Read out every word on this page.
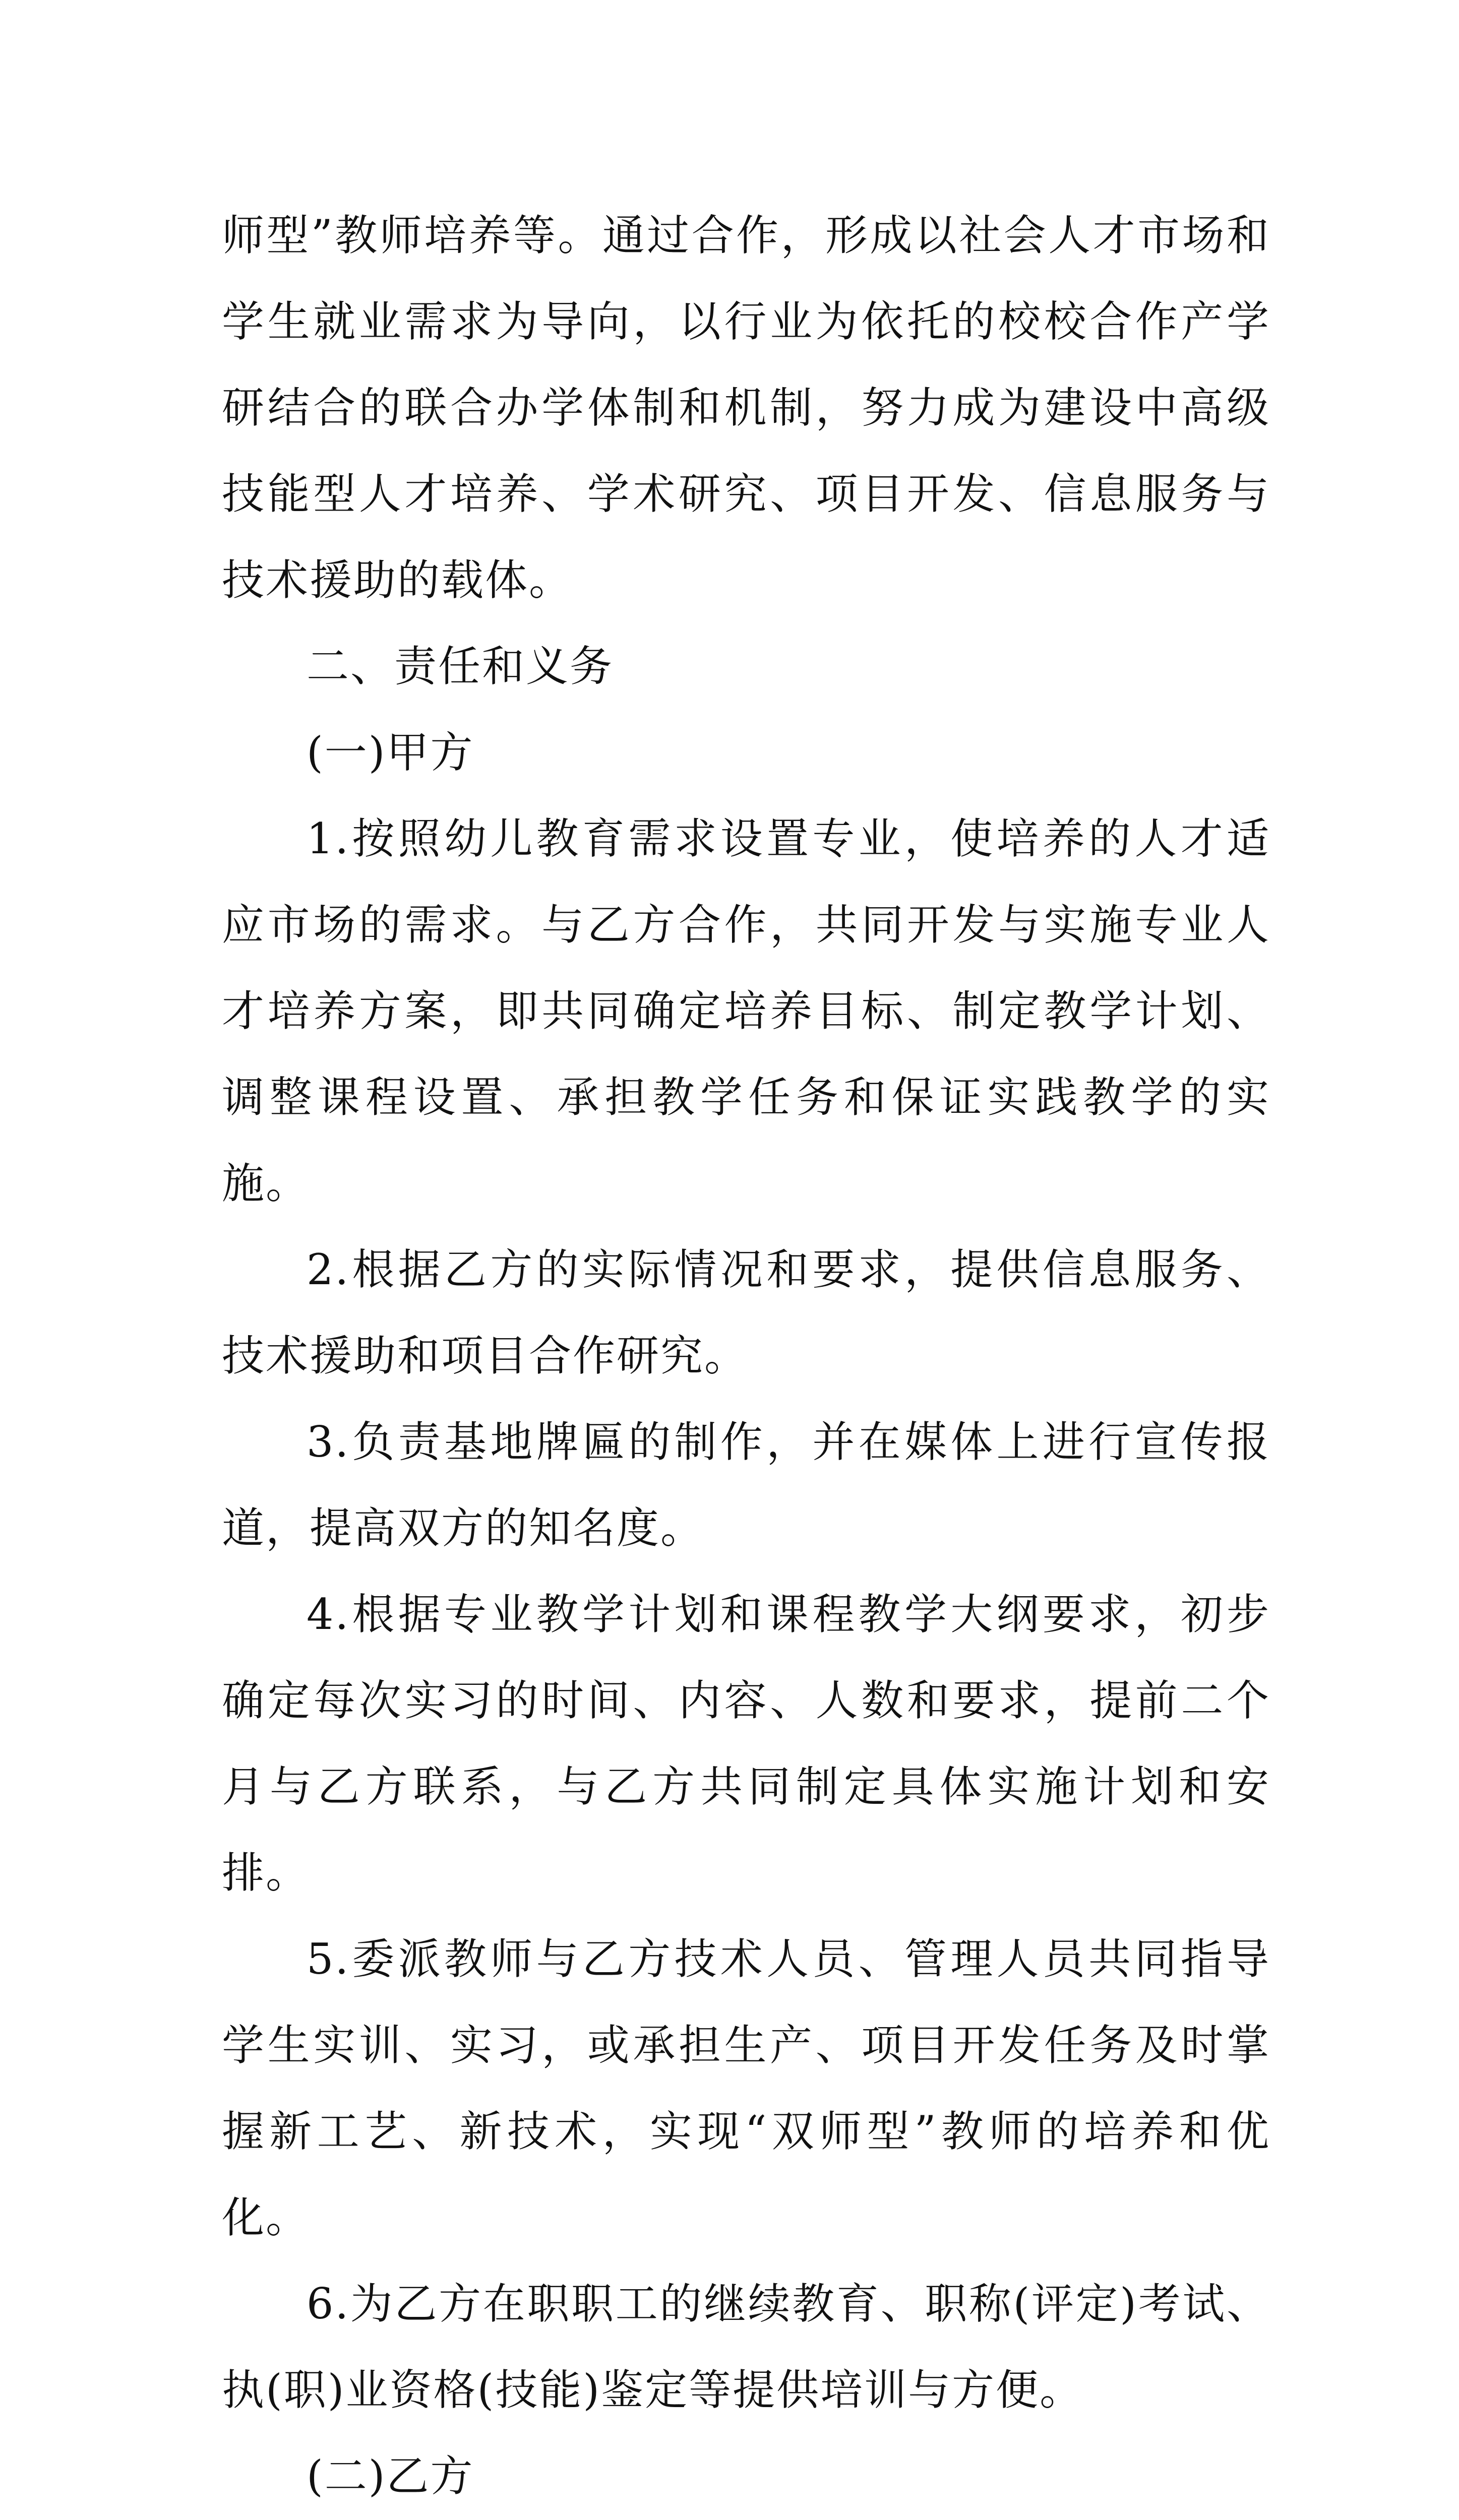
师型”教师培养等。通过合作，形成以社会人才市场和学生就业需求为导向，以行业为依托的校校合作产学研结合的联合办学体制和机制，努力成为建设中高级技能型人才培养、学术研究、项目开发、信息服务与技术援助的载体。

二、责任和义务

(一)甲方

1.按照幼儿教育需求设置专业，使培养的人才适应市场的需求。与乙方合作，共同开发与实施专业人才培养方案，即共同确定培养目标、制定教学计划、调整课程设置、承担教学任务和保证实践教学的实施。

2.根据乙方的实际情况和要求，提供信息服务、技术援助和项目合作研究。

3.负责基地牌匾的制作，并在媒体上进行宣传报道，提高双方的知名度。

4.根据专业教学计划和课程教学大纲要求，初步确定每次实习的时间、内容、人数和要求，提前二个月与乙方联系，与乙方共同制定具体实施计划和安排。

5.委派教师与乙方技术人员、管理人员共同指导学生实训、实习，或承担生产、项目开发任务及时掌握新工艺、新技术，实现“双师型”教师的培养和优化。

6.为乙方在职职工的继续教育、职称(评定)考试、执(职)业资格(技能)鉴定等提供培训与方便。

(二)乙方
